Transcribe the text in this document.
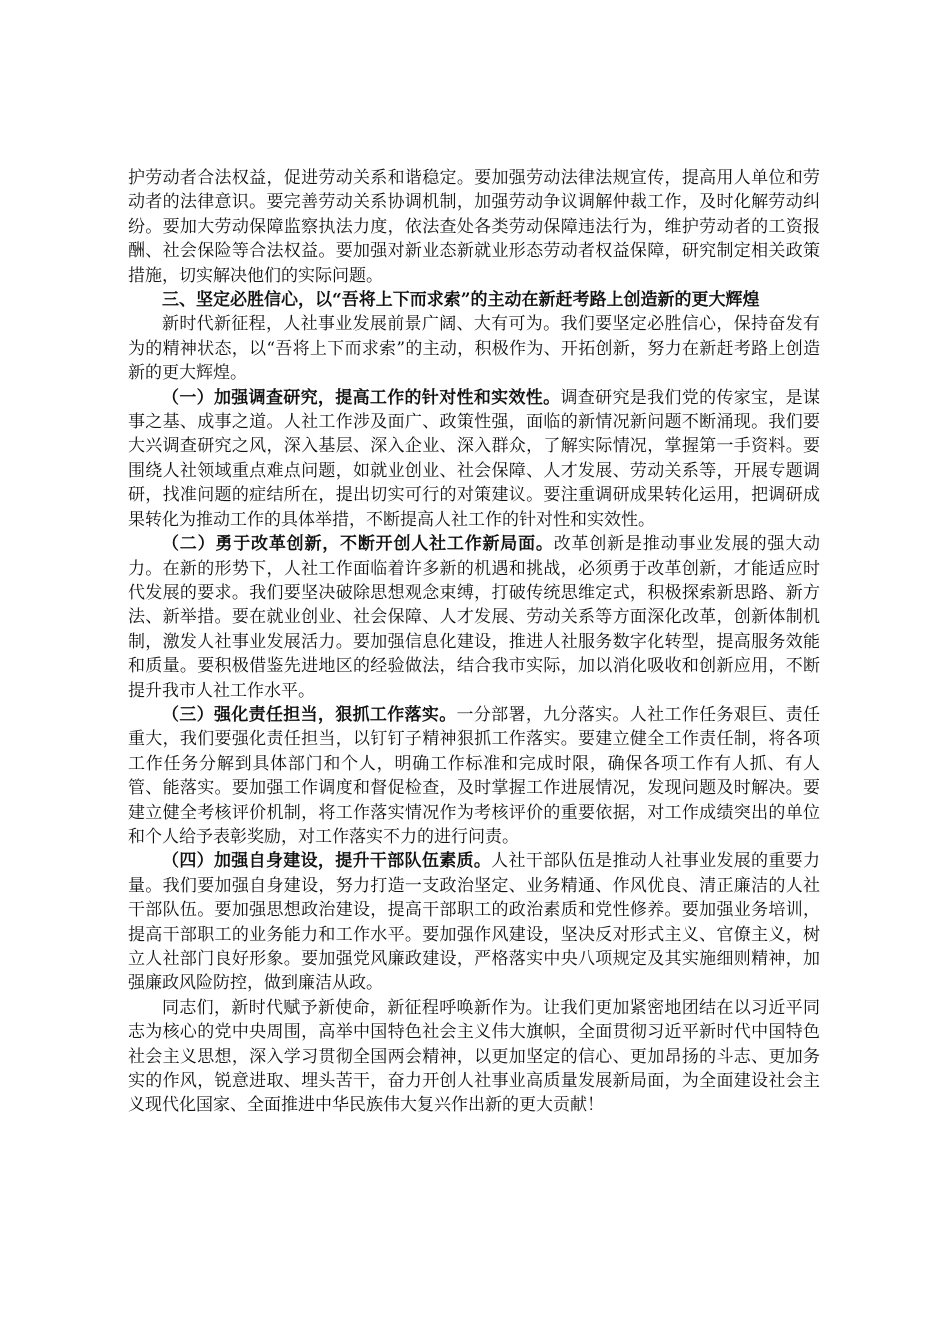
护劳动者合法权益，促进劳动关系和谐稳定。要加强劳动法律法规宣传，提高用人单位和劳动者的法律意识。要完善劳动关系协调机制，加强劳动争议调解仲裁工作，及时化解劳动纠纷。要加大劳动保障监察执法力度，依法查处各类劳动保障违法行为，维护劳动者的工资报酬、社会保险等合法权益。要加强对新业态新就业形态劳动者权益保障，研究制定相关政策措施，切实解决他们的实际问题。

三、坚定必胜信心，以“吾将上下而求索”的主动在新赶考路上创造新的更大辉煌

新时代新征程，人社事业发展前景广阔、大有可为。我们要坚定必胜信心，保持奋发有为的精神状态，以“吾将上下而求索”的主动，积极作为、开拓创新，努力在新赶考路上创造新的更大辉煌。

（一）加强调查研究，提高工作的针对性和实效性。调查研究是我们党的传家宝，是谋事之基、成事之道。人社工作涉及面广、政策性强，面临的新情况新问题不断涌现。我们要大兴调查研究之风，深入基层、深入企业、深入群众，了解实际情况，掌握第一手资料。要围绕人社领域重点难点问题，如就业创业、社会保障、人才发展、劳动关系等，开展专题调研，找准问题的症结所在，提出切实可行的对策建议。要注重调研成果转化运用，把调研成果转化为推动工作的具体举措，不断提高人社工作的针对性和实效性。

（二）勇于改革创新，不断开创人社工作新局面。改革创新是推动事业发展的强大动力。在新的形势下，人社工作面临着许多新的机遇和挑战，必须勇于改革创新，才能适应时代发展的要求。我们要坚决破除思想观念束缚，打破传统思维定式，积极探索新思路、新方法、新举措。要在就业创业、社会保障、人才发展、劳动关系等方面深化改革，创新体制机制，激发人社事业发展活力。要加强信息化建设，推进人社服务数字化转型，提高服务效能和质量。要积极借鉴先进地区的经验做法，结合我市实际，加以消化吸收和创新应用，不断提升我市人社工作水平。

（三）强化责任担当，狠抓工作落实。一分部署，九分落实。人社工作任务艰巨、责任重大，我们要强化责任担当，以钉钉子精神狠抓工作落实。要建立健全工作责任制，将各项工作任务分解到具体部门和个人，明确工作标准和完成时限，确保各项工作有人抓、有人管、能落实。要加强工作调度和督促检查，及时掌握工作进展情况，发现问题及时解决。要建立健全考核评价机制，将工作落实情况作为考核评价的重要依据，对工作成绩突出的单位和个人给予表彰奖励，对工作落实不力的进行问责。

（四）加强自身建设，提升干部队伍素质。人社干部队伍是推动人社事业发展的重要力量。我们要加强自身建设，努力打造一支政治坚定、业务精通、作风优良、清正廉洁的人社干部队伍。要加强思想政治建设，提高干部职工的政治素质和党性修养。要加强业务培训，提高干部职工的业务能力和工作水平。要加强作风建设，坚决反对形式主义、官僚主义，树立人社部门良好形象。要加强党风廉政建设，严格落实中央八项规定及其实施细则精神，加强廉政风险防控，做到廉洁从政。

同志们，新时代赋予新使命，新征程呼唤新作为。让我们更加紧密地团结在以习近平同志为核心的党中央周围，高举中国特色社会主义伟大旗帜，全面贯彻习近平新时代中国特色社会主义思想，深入学习贯彻全国两会精神，以更加坚定的信心、更加昂扬的斗志、更加务实的作风，锐意进取、埋头苦干，奋力开创人社事业高质量发展新局面，为全面建设社会主义现代化国家、全面推进中华民族伟大复兴作出新的更大贡献！
